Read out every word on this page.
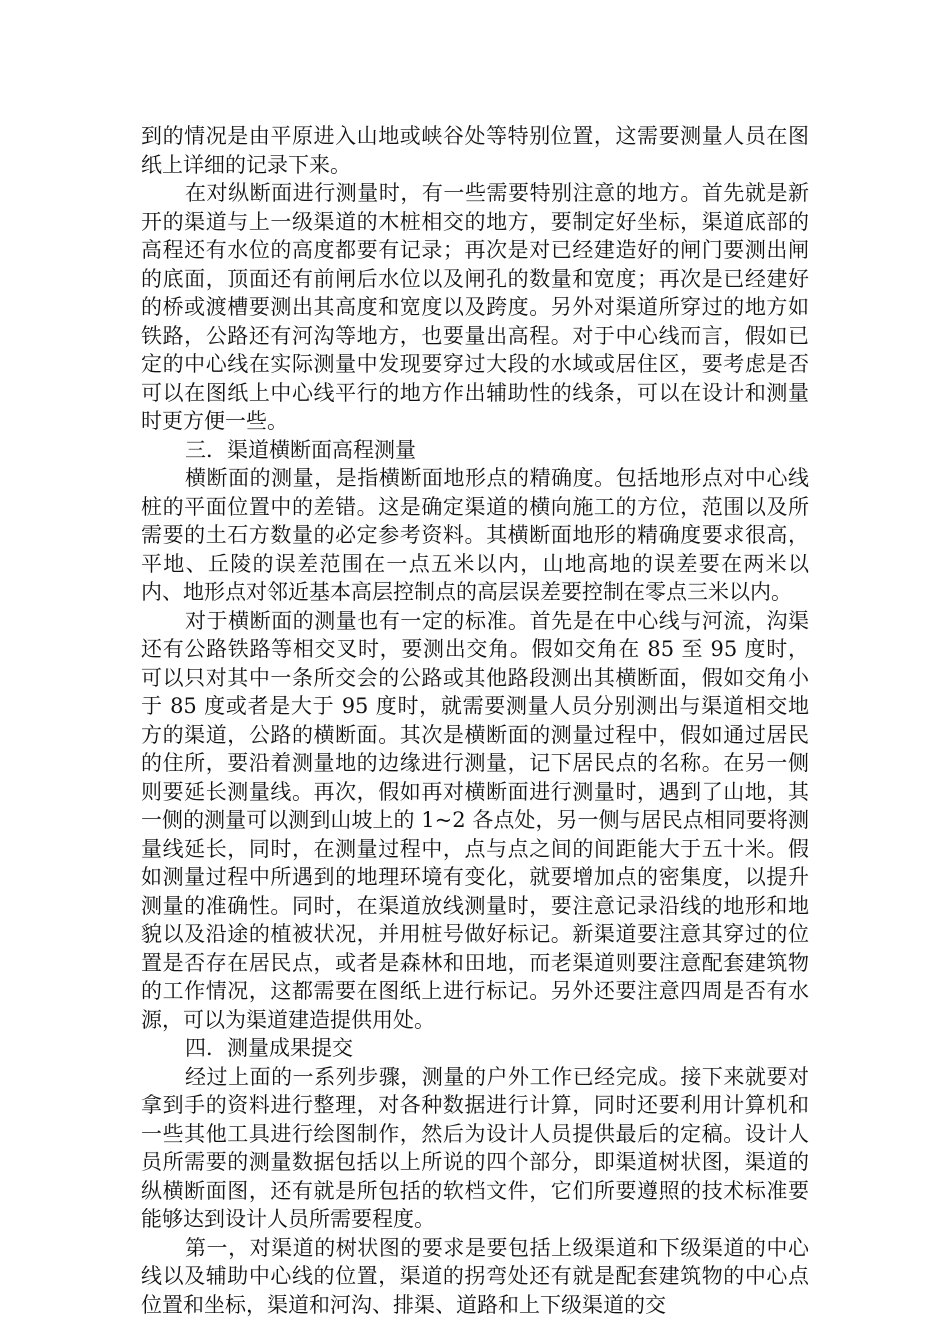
到的情况是由平原进入山地或峡谷处等特别位置，这需要测量人员在图纸上详细的记录下来。

在对纵断面进行测量时，有一些需要特别注意的地方。首先就是新开的渠道与上一级渠道的木桩相交的地方，要制定好坐标，渠道底部的高程还有水位的高度都要有记录；再次是对已经建造好的闸门要测出闸的底面，顶面还有前闸后水位以及闸孔的数量和宽度；再次是已经建好的桥或渡槽要测出其高度和宽度以及跨度。另外对渠道所穿过的地方如铁路，公路还有河沟等地方，也要量出高程。对于中心线而言，假如已定的中心线在实际测量中发现要穿过大段的水域或居住区，要考虑是否可以在图纸上中心线平行的地方作出辅助性的线条，可以在设计和测量时更方便一些。

三．渠道横断面高程测量

横断面的测量，是指横断面地形点的精确度。包括地形点对中心线桩的平面位置中的差错。这是确定渠道的横向施工的方位，范围以及所需要的土石方数量的必定参考资料。其横断面地形的精确度要求很高，平地、丘陵的误差范围在一点五米以内，山地高地的误差要在两米以内、地形点对邻近基本高层控制点的高层误差要控制在零点三米以内。

对于横断面的测量也有一定的标准。首先是在中心线与河流，沟渠还有公路铁路等相交叉时，要测出交角。假如交角在 85 至 95 度时，可以只对其中一条所交会的公路或其他路段测出其横断面，假如交角小于 85 度或者是大于 95 度时，就需要测量人员分别测出与渠道相交地方的渠道，公路的横断面。其次是横断面的测量过程中，假如通过居民的住所，要沿着测量地的边缘进行测量，记下居民点的名称。在另一侧则要延长测量线。再次，假如再对横断面进行测量时，遇到了山地，其一侧的测量可以测到山坡上的 1~2 各点处，另一侧与居民点相同要将测量线延长，同时，在测量过程中，点与点之间的间距能大于五十米。假如测量过程中所遇到的地理环境有变化，就要增加点的密集度，以提升测量的准确性。同时，在渠道放线测量时，要注意记录沿线的地形和地貌以及沿途的植被状况，并用桩号做好标记。新渠道要注意其穿过的位置是否存在居民点，或者是森林和田地，而老渠道则要注意配套建筑物的工作情况，这都需要在图纸上进行标记。另外还要注意四周是否有水源，可以为渠道建造提供用处。

四．测量成果提交

经过上面的一系列步骤，测量的户外工作已经完成。接下来就要对拿到手的资料进行整理，对各种数据进行计算，同时还要利用计算机和一些其他工具进行绘图制作，然后为设计人员提供最后的定稿。设计人员所需要的测量数据包括以上所说的四个部分，即渠道树状图，渠道的纵横断面图，还有就是所包括的软档文件，它们所要遵照的技术标准要能够达到设计人员所需要程度。

第一，对渠道的树状图的要求是要包括上级渠道和下级渠道的中心线以及辅助中心线的位置，渠道的拐弯处还有就是配套建筑物的中心点位置和坐标，渠道和河沟、排渠、道路和上下级渠道的交
